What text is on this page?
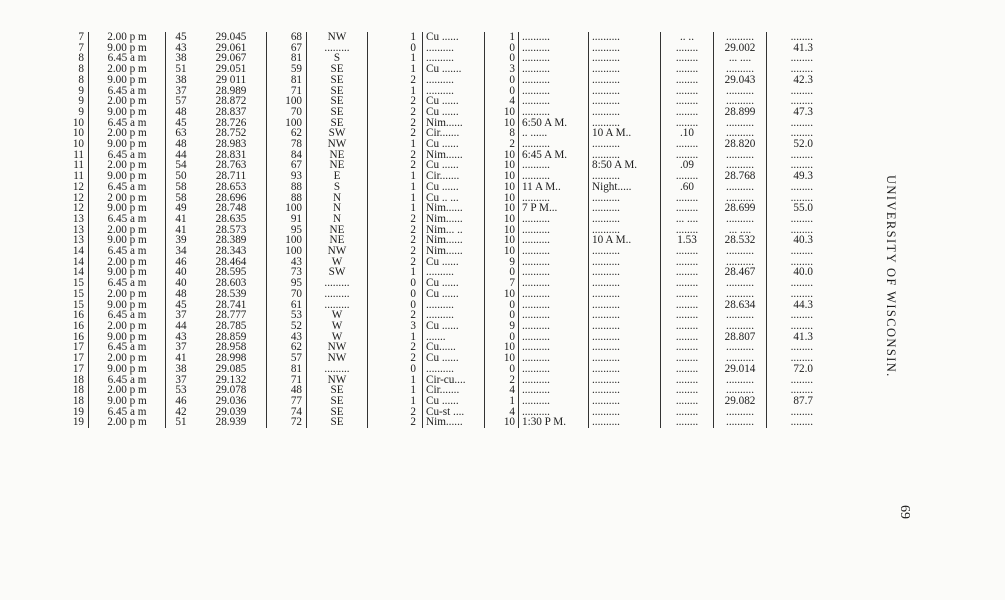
7	2.00 p m	45	29.045	68	NW	1	Cu ......	1	..........	..........	.. ..	..........	........
7	9.00 p m	43	29.061	67	.........	0	..........	0	..........	..........	........	29.002	41.3
8	6.45 a m	38	29.067	81	S	1	..........	0	..........	..........	........	... ....	........
8	2.00 p m	51	29.051	59	SE	1	Cu .......	3	..........	..........	........	..........	........
8	9.00 p m	38	29 011	81	SE	2	..........	0	..........	..........	........	29.043	42.3
9	6.45 a m	37	28.989	71	SE	1	..........	0	..........	..........	........	..........	........
9	2.00 p m	57	28.872	100	SE	2	Cu ......	4	..........	..........	........	..........	........
9	9.00 p m	48	28.837	70	SE	2	Cu ......	10	..........	..........	........	28.899	47.3
10	6.45 a m	45	28.726	100	SE	2	Nim......	10	6:50 A M.	..........	........	..........	........
10	2.00 p m	63	28.752	62	SW	2	Cir.......	8	.. ......	10 A M..	.10	..........	........
10	9.00 p m	48	28.983	78	NW	1	Cu ......	2	..........	..........	........	28.820	52.0
11	6.45 a m	44	28.831	84	NE	2	Nim......	10	6:45 A M.	..........	........	..........	........
11	2.00 p m	54	28.763	67	NE	2	Cu ......	10	..........	8:50 A M.	.09	..........	........
11	9.00 p m	50	28.711	93	E	1	Cir.......	10	..........	..........	........	28.768	49.3
12	6.45 a m	58	28.653	88	S	1	Cu ......	10	11 A M..	Night.....	.60	..........	........
12	2 00 p m	58	28.696	88	N	1	Cu .. ...	10	..........	..........	........	..........	........
12	9.00 p m	49	28.748	100	N	1	Nim......	10	7 P M...	..........	........	28.699	55.0
13	6.45 a m	41	28.635	91	N	2	Nim......	10	..........	..........	... ....	..........	........
13	2.00 p m	41	28.573	95	NE	2	Nim... ..	10	..........	..........	........	... ....	........
13	9.00 p m	39	28.389	100	NE	2	Nim......	10	..........	10 A M..	1.53	28.532	40.3
14	6.45 a m	34	28.343	100	NW	2	Nim......	10	..........	..........	........	..........	........
14	2.00 p m	46	28.464	43	W	2	Cu ......	9	..........	..........	........	..........	........
14	9.00 p m	40	28.595	73	SW	1	..........	0	..........	..........	........	28.467	40.0
15	6.45 a m	40	28.603	95	.........	0	Cu ......	7	..........	..........	........	..........	........
15	2.00 p m	48	28.539	70	.........	0	Cu ......	10	..........	..........	........	..........	........
15	9.00 p m	45	28.741	61	.........	0	..........	0	..........	..........	........	28.634	44.3
16	6.45 a m	37	28.777	53	W	2	..........	0	..........	..........	........	..........	........
16	2.00 p m	44	28.785	52	W	3	Cu ......	9	..........	..........	........	..........	........
16	9.00 p m	43	28.859	43	W	1	.......	0	..........	..........	........	28.807	41.3
17	6.45 a m	37	28.958	62	NW	2	Cu......	10	..........	..........	........	..........	........
17	2.00 p m	41	28.998	57	NW	2	Cu ......	10	..........	..........	........	..........	........
17	9.00 p m	38	29.085	81	.........	0	..........	0	..........	..........	........	29.014	72.0
18	6.45 a m	37	29.132	71	NW	1	Cir-cu....	2	..........	..........	........	..........	........
18	2.00 p m	53	29.078	48	SE	1	Cir.......	4	..........	..........	........	..........	........
18	9.00 p m	46	29.036	77	SE	1	Cu ......	1	..........	..........	........	29.082	87.7
19	6.45 a m	42	29.039	74	SE	2	Cu-st ....	4	..........	..........	........	..........	........
19	2.00 p m	51	28.939	72	SE	2	Nim......	10	1:30 P M.	..........	........	..........	........
UNIVERSITY OF WISCONSIN.
69
